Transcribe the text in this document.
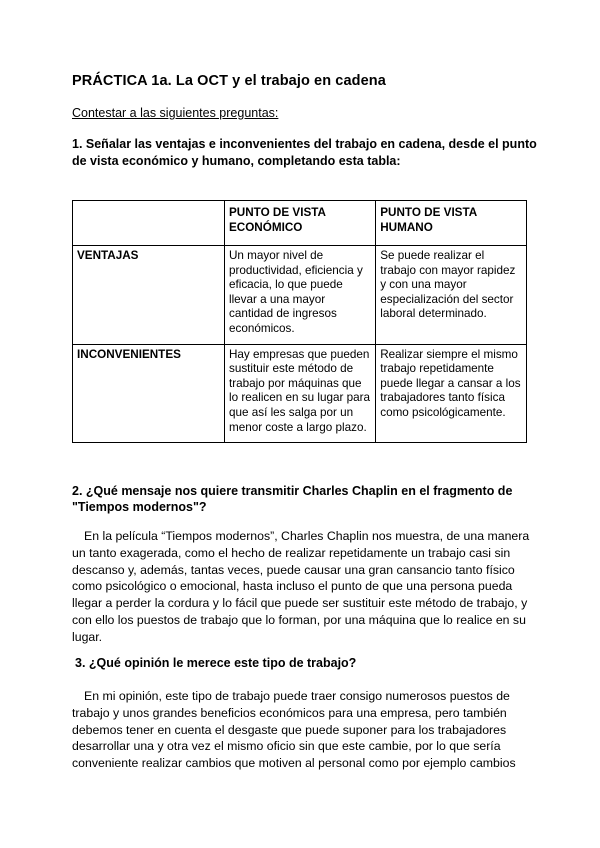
PRÁCTICA 1a. La OCT y el trabajo en cadena
Contestar a las siguientes preguntas:
1. Señalar las ventajas e inconvenientes del trabajo en cadena, desde el punto de vista económico y humano, completando esta tabla:
	PUNTO DE VISTA ECONÓMICO	PUNTO DE VISTA HUMANO
VENTAJAS	Un mayor nivel de productividad, eficiencia y eficacia, lo que puede llevar a una mayor cantidad de ingresos económicos.	Se puede realizar el trabajo con mayor rapidez y con una mayor especialización del sector laboral determinado.
INCONVENIENTES	Hay empresas que pueden sustituir este método de trabajo por máquinas que lo realicen en su lugar para que así les salga por un menor coste a largo plazo.	Realizar siempre el mismo trabajo repetidamente puede llegar a cansar a los trabajadores tanto física como psicológicamente.
2. ¿Qué mensaje nos quiere transmitir Charles Chaplin en el fragmento de "Tiempos modernos"?
En la película “Tiempos modernos”, Charles Chaplin nos muestra, de una manera un tanto exagerada, como el hecho de realizar repetidamente un trabajo casi sin descanso y, además, tantas veces, puede causar una gran cansancio tanto físico como psicológico o emocional, hasta incluso el punto de que una persona pueda llegar a perder la cordura y lo fácil que puede ser sustituir este método de trabajo, y con ello los puestos de trabajo que lo forman, por una máquina que lo realice en su lugar.
3. ¿Qué opinión le merece este tipo de trabajo?
En mi opinión, este tipo de trabajo puede traer consigo numerosos puestos de trabajo y unos grandes beneficios económicos para una empresa, pero también debemos tener en cuenta el desgaste que puede suponer para los trabajadores desarrollar una y otra vez el mismo oficio sin que este cambie, por lo que sería conveniente realizar cambios que motiven al personal como por ejemplo cambios
